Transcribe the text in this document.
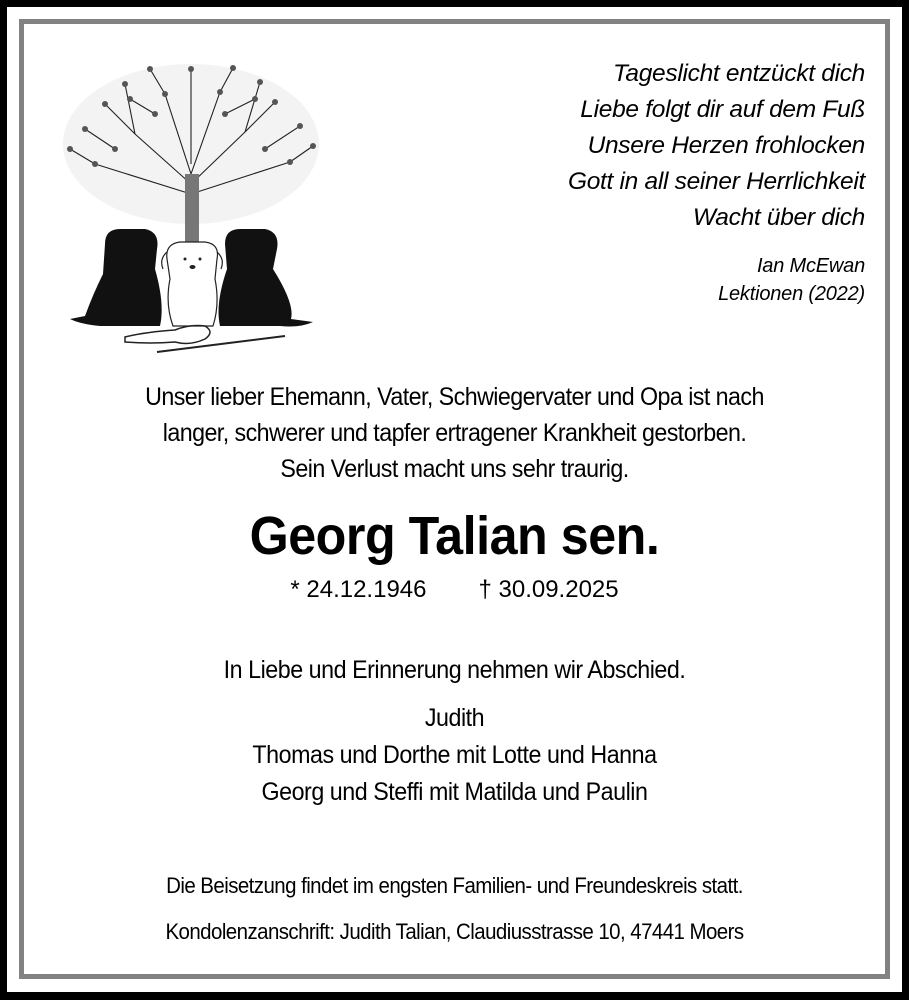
Tageslicht entzückt dich
Liebe folgt dir auf dem Fuß
Unsere Herzen frohlocken
Gott in all seiner Herrlichkeit
Wacht über dich
Ian McEwan
Lektionen (2022)
Unser lieber Ehemann, Vater, Schwiegervater und Opa ist nach
langer, schwerer und tapfer ertragener Krankheit gestorben.
Sein Verlust macht uns sehr traurig.
Georg Talian sen.
* 24.12.1946 † 30.09.2025
In Liebe und Erinnerung nehmen wir Abschied.
Judith
Thomas und Dorthe mit Lotte und Hanna
Georg und Steffi mit Matilda und Paulin
Die Beisetzung findet im engsten Familien- und Freundeskreis statt.
Kondolenzanschrift: Judith Talian, Claudiusstrasse 10, 47441 Moers
